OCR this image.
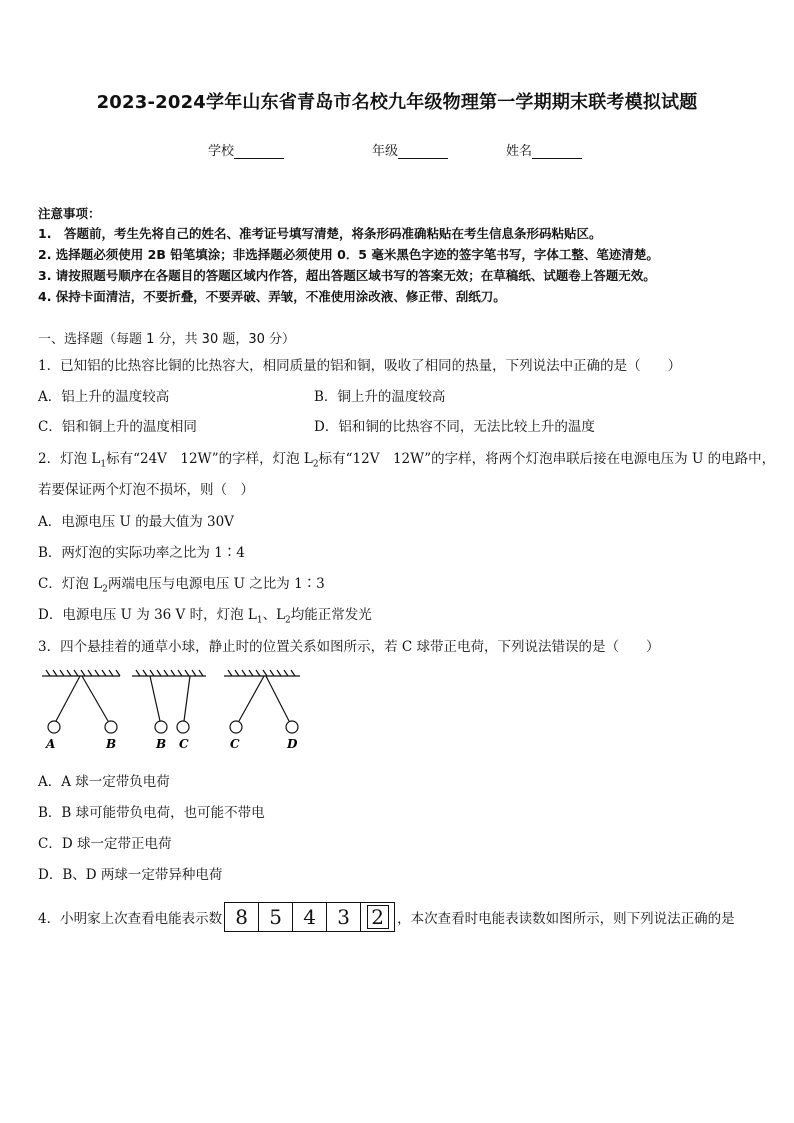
2023-2024学年山东省青岛市名校九年级物理第一学期期末联考模拟试题
学校	年级	姓名
注意事项：
1.　答题前，考生先将自己的姓名、准考证号填写清楚，将条形码准确粘贴在考生信息条形码粘贴区。
2. 选择题必须使用 2B 铅笔填涂；非选择题必须使用 0．5 毫米黑色字迹的签字笔书写，字体工整、笔迹清楚。
3. 请按照题号顺序在各题目的答题区域内作答，超出答题区域书写的答案无效；在草稿纸、试题卷上答题无效。
4. 保持卡面清洁，不要折叠，不要弄破、弄皱，不准使用涂改液、修正带、刮纸刀。
一、选择题（每题 1 分，共 30 题，30 分）
1．已知铝的比热容比铜的比热容大，相同质量的铝和铜，吸收了相同的热量，下列说法中正确的是（　　）
A．铝上升的温度较高	B．铜上升的温度较高
C．铝和铜上升的温度相同	D．铝和铜的比热容不同，无法比较上升的温度
2．灯泡 $L_1$标有“24V　12W”的字样，灯泡 $L_2$标有“12V　12W”的字样，将两个灯泡串联后接在电源电压为 U 的电路中，
若要保证两个灯泡不损坏，则（　）
A．电源电压 U 的最大值为 30V
B．两灯泡的实际功率之比为 1∶4
C．灯泡 $L_2$两端电压与电源电压 U 之比为 1∶3
D．电源电压 U 为 36 V 时，灯泡 $L_1$、$L_2$均能正常发光
3．四个悬挂着的通草小球，静止时的位置关系如图所示，若 C 球带正电荷，下列说法错误的是（　　）
A	B	B C	C	D
A．A 球一定带负电荷
B．B 球可能带负电荷，也可能不带电
C．D 球一定带正电荷
D．B、D 两球一定带异种电荷
4．小明家上次查看电能表示数 8	5	4	3	2 ，本次查看时电能表读数如图所示，则下列说法正确的是
